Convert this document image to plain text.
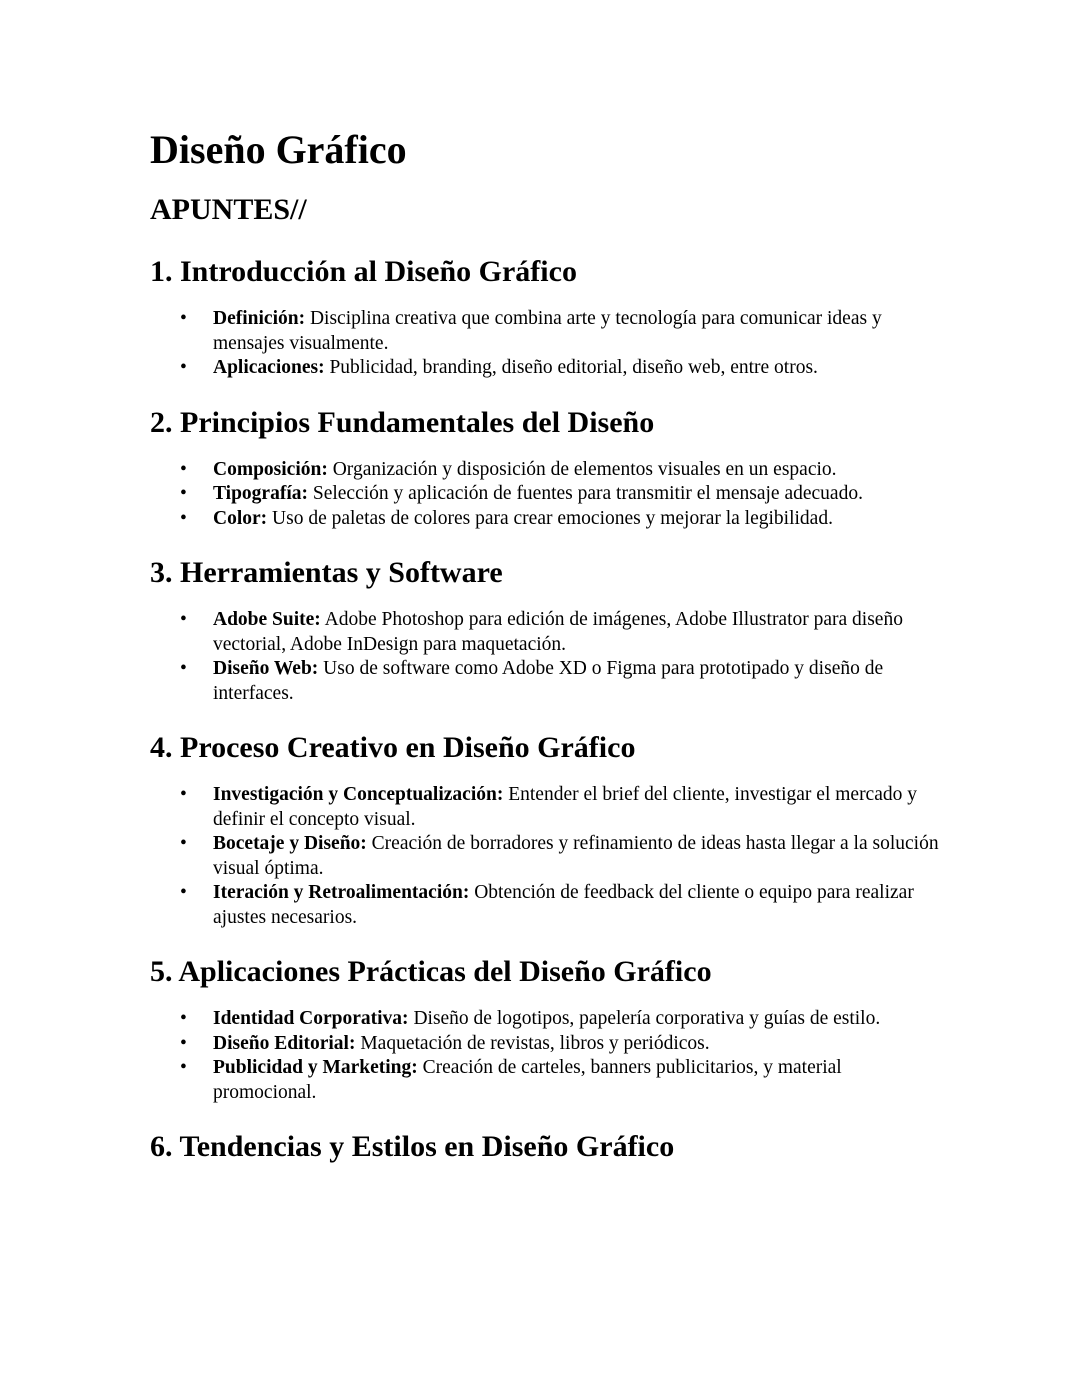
Diseño Gráfico
APUNTES//
1. Introducción al Diseño Gráfico
• Definición: Disciplina creativa que combina arte y tecnología para comunicar ideas y mensajes visualmente.
• Aplicaciones: Publicidad, branding, diseño editorial, diseño web, entre otros.
2. Principios Fundamentales del Diseño
• Composición: Organización y disposición de elementos visuales en un espacio.
• Tipografía: Selección y aplicación de fuentes para transmitir el mensaje adecuado.
• Color: Uso de paletas de colores para crear emociones y mejorar la legibilidad.
3. Herramientas y Software
• Adobe Suite: Adobe Photoshop para edición de imágenes, Adobe Illustrator para diseño vectorial, Adobe InDesign para maquetación.
• Diseño Web: Uso de software como Adobe XD o Figma para prototipado y diseño de interfaces.
4. Proceso Creativo en Diseño Gráfico
• Investigación y Conceptualización: Entender el brief del cliente, investigar el mercado y definir el concepto visual.
• Bocetaje y Diseño: Creación de borradores y refinamiento de ideas hasta llegar a la solución visual óptima.
• Iteración y Retroalimentación: Obtención de feedback del cliente o equipo para realizar ajustes necesarios.
5. Aplicaciones Prácticas del Diseño Gráfico
• Identidad Corporativa: Diseño de logotipos, papelería corporativa y guías de estilo.
• Diseño Editorial: Maquetación de revistas, libros y periódicos.
• Publicidad y Marketing: Creación de carteles, banners publicitarios, y material promocional.
6. Tendencias y Estilos en Diseño Gráfico
